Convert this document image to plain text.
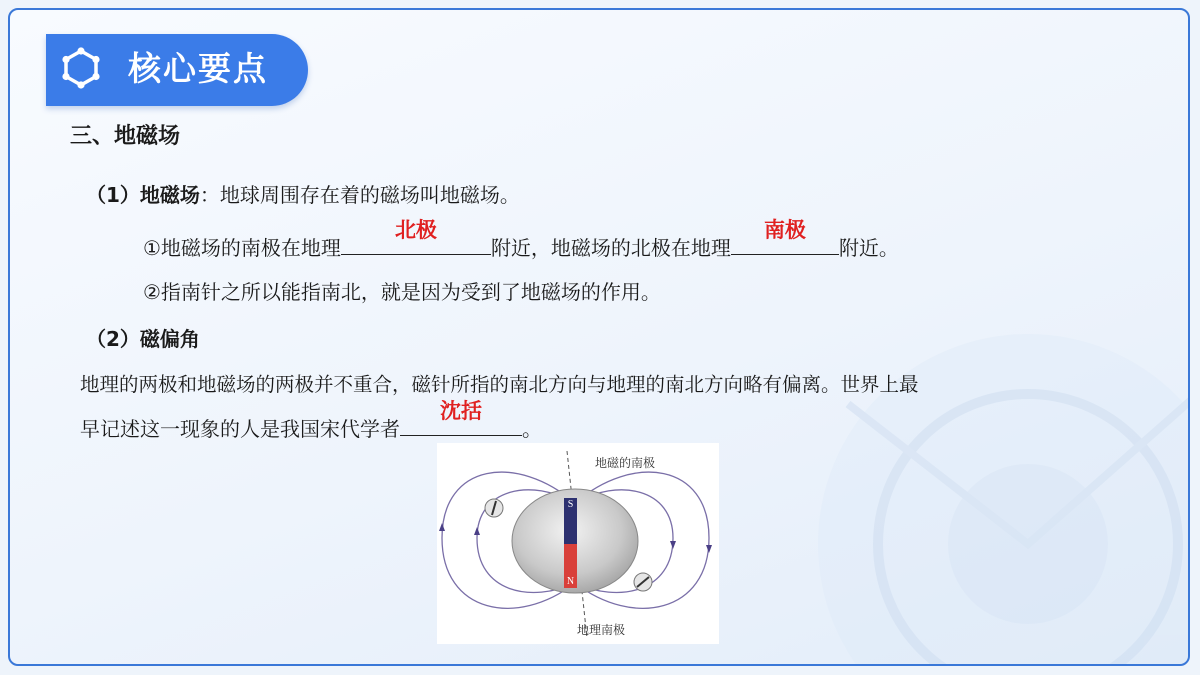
核心要点
三、地磁场
（1）地磁场：地球周围存在着的磁场叫地磁场。
①地磁场的南极在地理
北极
附近，地磁场的北极在地理
南极
附近。
②指南针之所以能指南北，就是因为受到了地磁场的作用。
（2）磁偏角
地理的两极和地磁场的两极并不重合，磁针所指的南北方向与地理的南北方向略有偏离。世界上最
早记述这一现象的人是我国宋代学者
沈括
。
S
N
地磁的南极
地理南极
